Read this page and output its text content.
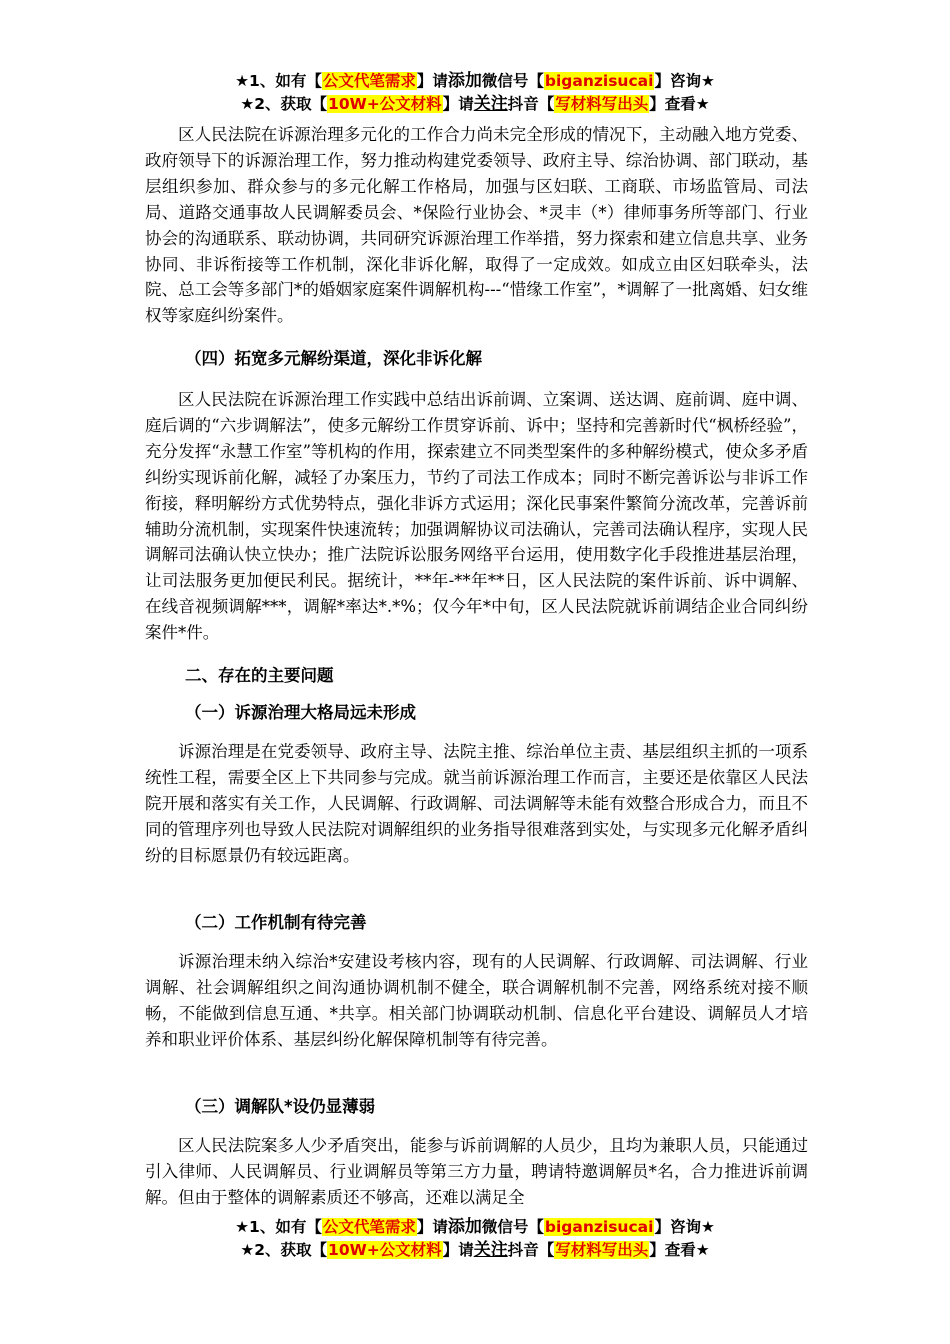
★1、如有【公文代笔需求】请添加微信号【biganzisucai】咨询★
★2、获取【10W+公文材料】请关注抖音【写材料写出头】查看★

区人民法院在诉源治理多元化的工作合力尚未完全形成的情况下，主动融入地方党委、政府领导下的诉源治理工作，努力推动构建党委领导、政府主导、综治协调、部门联动，基层组织参加、群众参与的多元化解工作格局，加强与区妇联、工商联、市场监管局、司法局、道路交通事故人民调解委员会、*保险行业协会、*灵丰（*）律师事务所等部门、行业协会的沟通联系、联动协调，共同研究诉源治理工作举措，努力探索和建立信息共享、业务协同、非诉衔接等工作机制，深化非诉化解，取得了一定成效。如成立由区妇联牵头，法院、总工会等多部门*的婚姻家庭案件调解机构---“惜缘工作室”，*调解了一批离婚、妇女维权等家庭纠纷案件。

（四）拓宽多元解纷渠道，深化非诉化解

区人民法院在诉源治理工作实践中总结出诉前调、立案调、送达调、庭前调、庭中调、庭后调的“六步调解法”，使多元解纷工作贯穿诉前、诉中；坚持和完善新时代“枫桥经验”，充分发挥“永慧工作室”等机构的作用，探索建立不同类型案件的多种解纷模式，使众多矛盾纠纷实现诉前化解，减轻了办案压力，节约了司法工作成本；同时不断完善诉讼与非诉工作衔接，释明解纷方式优势特点，强化非诉方式运用；深化民事案件繁简分流改革，完善诉前辅助分流机制，实现案件快速流转；加强调解协议司法确认，完善司法确认程序，实现人民调解司法确认快立快办；推广法院诉讼服务网络平台运用，使用数字化手段推进基层治理，让司法服务更加便民利民。据统计，**年-**年**日，区人民法院的案件诉前、诉中调解、在线音视频调解***，调解*率达*.*%；仅今年*中旬，区人民法院就诉前调结企业合同纠纷案件*件。

二、存在的主要问题

（一）诉源治理大格局远未形成

诉源治理是在党委领导、政府主导、法院主推、综治单位主责、基层组织主抓的一项系统性工程，需要全区上下共同参与完成。就当前诉源治理工作而言，主要还是依靠区人民法院开展和落实有关工作，人民调解、行政调解、司法调解等未能有效整合形成合力，而且不同的管理序列也导致人民法院对调解组织的业务指导很难落到实处，与实现多元化解矛盾纠纷的目标愿景仍有较远距离。

（二）工作机制有待完善

诉源治理未纳入综治*安建设考核内容，现有的人民调解、行政调解、司法调解、行业调解、社会调解组织之间沟通协调机制不健全，联合调解机制不完善，网络系统对接不顺畅，不能做到信息互通、*共享。相关部门协调联动机制、信息化平台建设、调解员人才培养和职业评价体系、基层纠纷化解保障机制等有待完善。

（三）调解队*设仍显薄弱

区人民法院案多人少矛盾突出，能参与诉前调解的人员少，且均为兼职人员，只能通过引入律师、人民调解员、行业调解员等第三方力量，聘请特邀调解员*名，合力推进诉前调解。但由于整体的调解素质还不够高，还难以满足全

★1、如有【公文代笔需求】请添加微信号【biganzisucai】咨询★
★2、获取【10W+公文材料】请关注抖音【写材料写出头】查看★
